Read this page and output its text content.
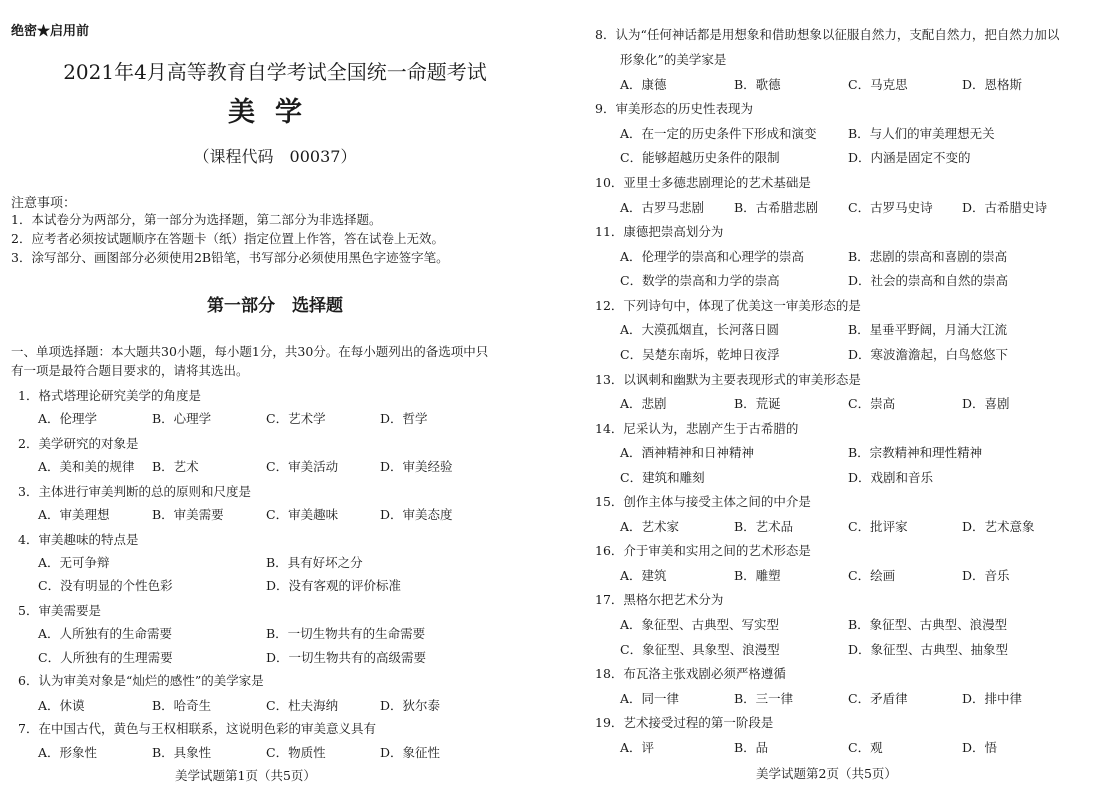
绝密★启用前
2021年4月高等教育自学考试全国统一命题考试
美学
（课程代码　00037）
注意事项：
1．本试卷分为两部分，第一部分为选择题，第二部分为非选择题。
2．应考者必须按试题顺序在答题卡（纸）指定位置上作答，答在试卷上无效。
3．涂写部分、画图部分必须使用2B铅笔，书写部分必须使用黑色字迹签字笔。
第一部分　选择题
一、单项选择题：本大题共30小题，每小题1分，共30分。在每小题列出的备选项中只有一项是最符合题目要求的，请将其选出。
1．格式塔理论研究美学的角度是
A．伦理学	B．心理学	C．艺术学	D．哲学
2．美学研究的对象是
A．美和美的规律 B．艺术	C．审美活动	D．审美经验
3．主体进行审美判断的总的原则和尺度是
A．审美理想	B．审美需要	C．审美趣味	D．审美态度
4．审美趣味的特点是
A．无可争辩	B．具有好坏之分
C．没有明显的个性色彩	D．没有客观的评价标准
5．审美需要是
A．人所独有的生命需要	B．一切生物共有的生命需要
C．人所独有的生理需要	D．一切生物共有的高级需要
6．认为审美对象是“灿烂的感性”的美学家是
A．休谟	B．哈奇生	C．杜夫海纳	D．狄尔泰
7．在中国古代，黄色与王权相联系，这说明色彩的审美意义具有
A．形象性	B．具象性	C．物质性	D．象征性
美学试题第1页（共5页）
8．认为“任何神话都是用想象和借助想象以征服自然力，支配自然力，把自然力加以
形象化”的美学家是
A．康德	B．歌德	C．马克思	D．恩格斯
9．审美形态的历史性表现为
A．在一定的历史条件下形成和演变	B．与人们的审美理想无关
C．能够超越历史条件的限制	D．内涵是固定不变的
10．亚里士多德悲剧理论的艺术基础是
A．古罗马悲剧 B．古希腊悲剧 C．古罗马史诗 D．古希腊史诗
11．康德把崇高划分为
A．伦理学的崇高和心理学的崇高	B．悲剧的崇高和喜剧的崇高
C．数学的崇高和力学的崇高	D．社会的崇高和自然的崇高
12．下列诗句中，体现了优美这一审美形态的是
A．大漠孤烟直，长河落日圆	B．星垂平野阔，月涌大江流
C．吴楚东南坼，乾坤日夜浮	D．寒波澹澹起，白鸟悠悠下
13．以讽刺和幽默为主要表现形式的审美形态是
A．悲剧	B．荒诞	C．崇高	D．喜剧
14．尼采认为，悲剧产生于古希腊的
A．酒神精神和日神精神	B．宗教精神和理性精神
C．建筑和雕刻	D．戏剧和音乐
15．创作主体与接受主体之间的中介是
A．艺术家	B．艺术品	C．批评家	D．艺术意象
16．介于审美和实用之间的艺术形态是
A．建筑	B．雕塑	C．绘画	D．音乐
17．黑格尔把艺术分为
A．象征型、古典型、写实型	B．象征型、古典型、浪漫型
C．象征型、具象型、浪漫型	D．象征型、古典型、抽象型
18．布瓦洛主张戏剧必须严格遵循
A．同一律	B．三一律	C．矛盾律	D．排中律
19．艺术接受过程的第一阶段是
A．评	B．品	C．观	D．悟
美学试题第2页（共5页）
